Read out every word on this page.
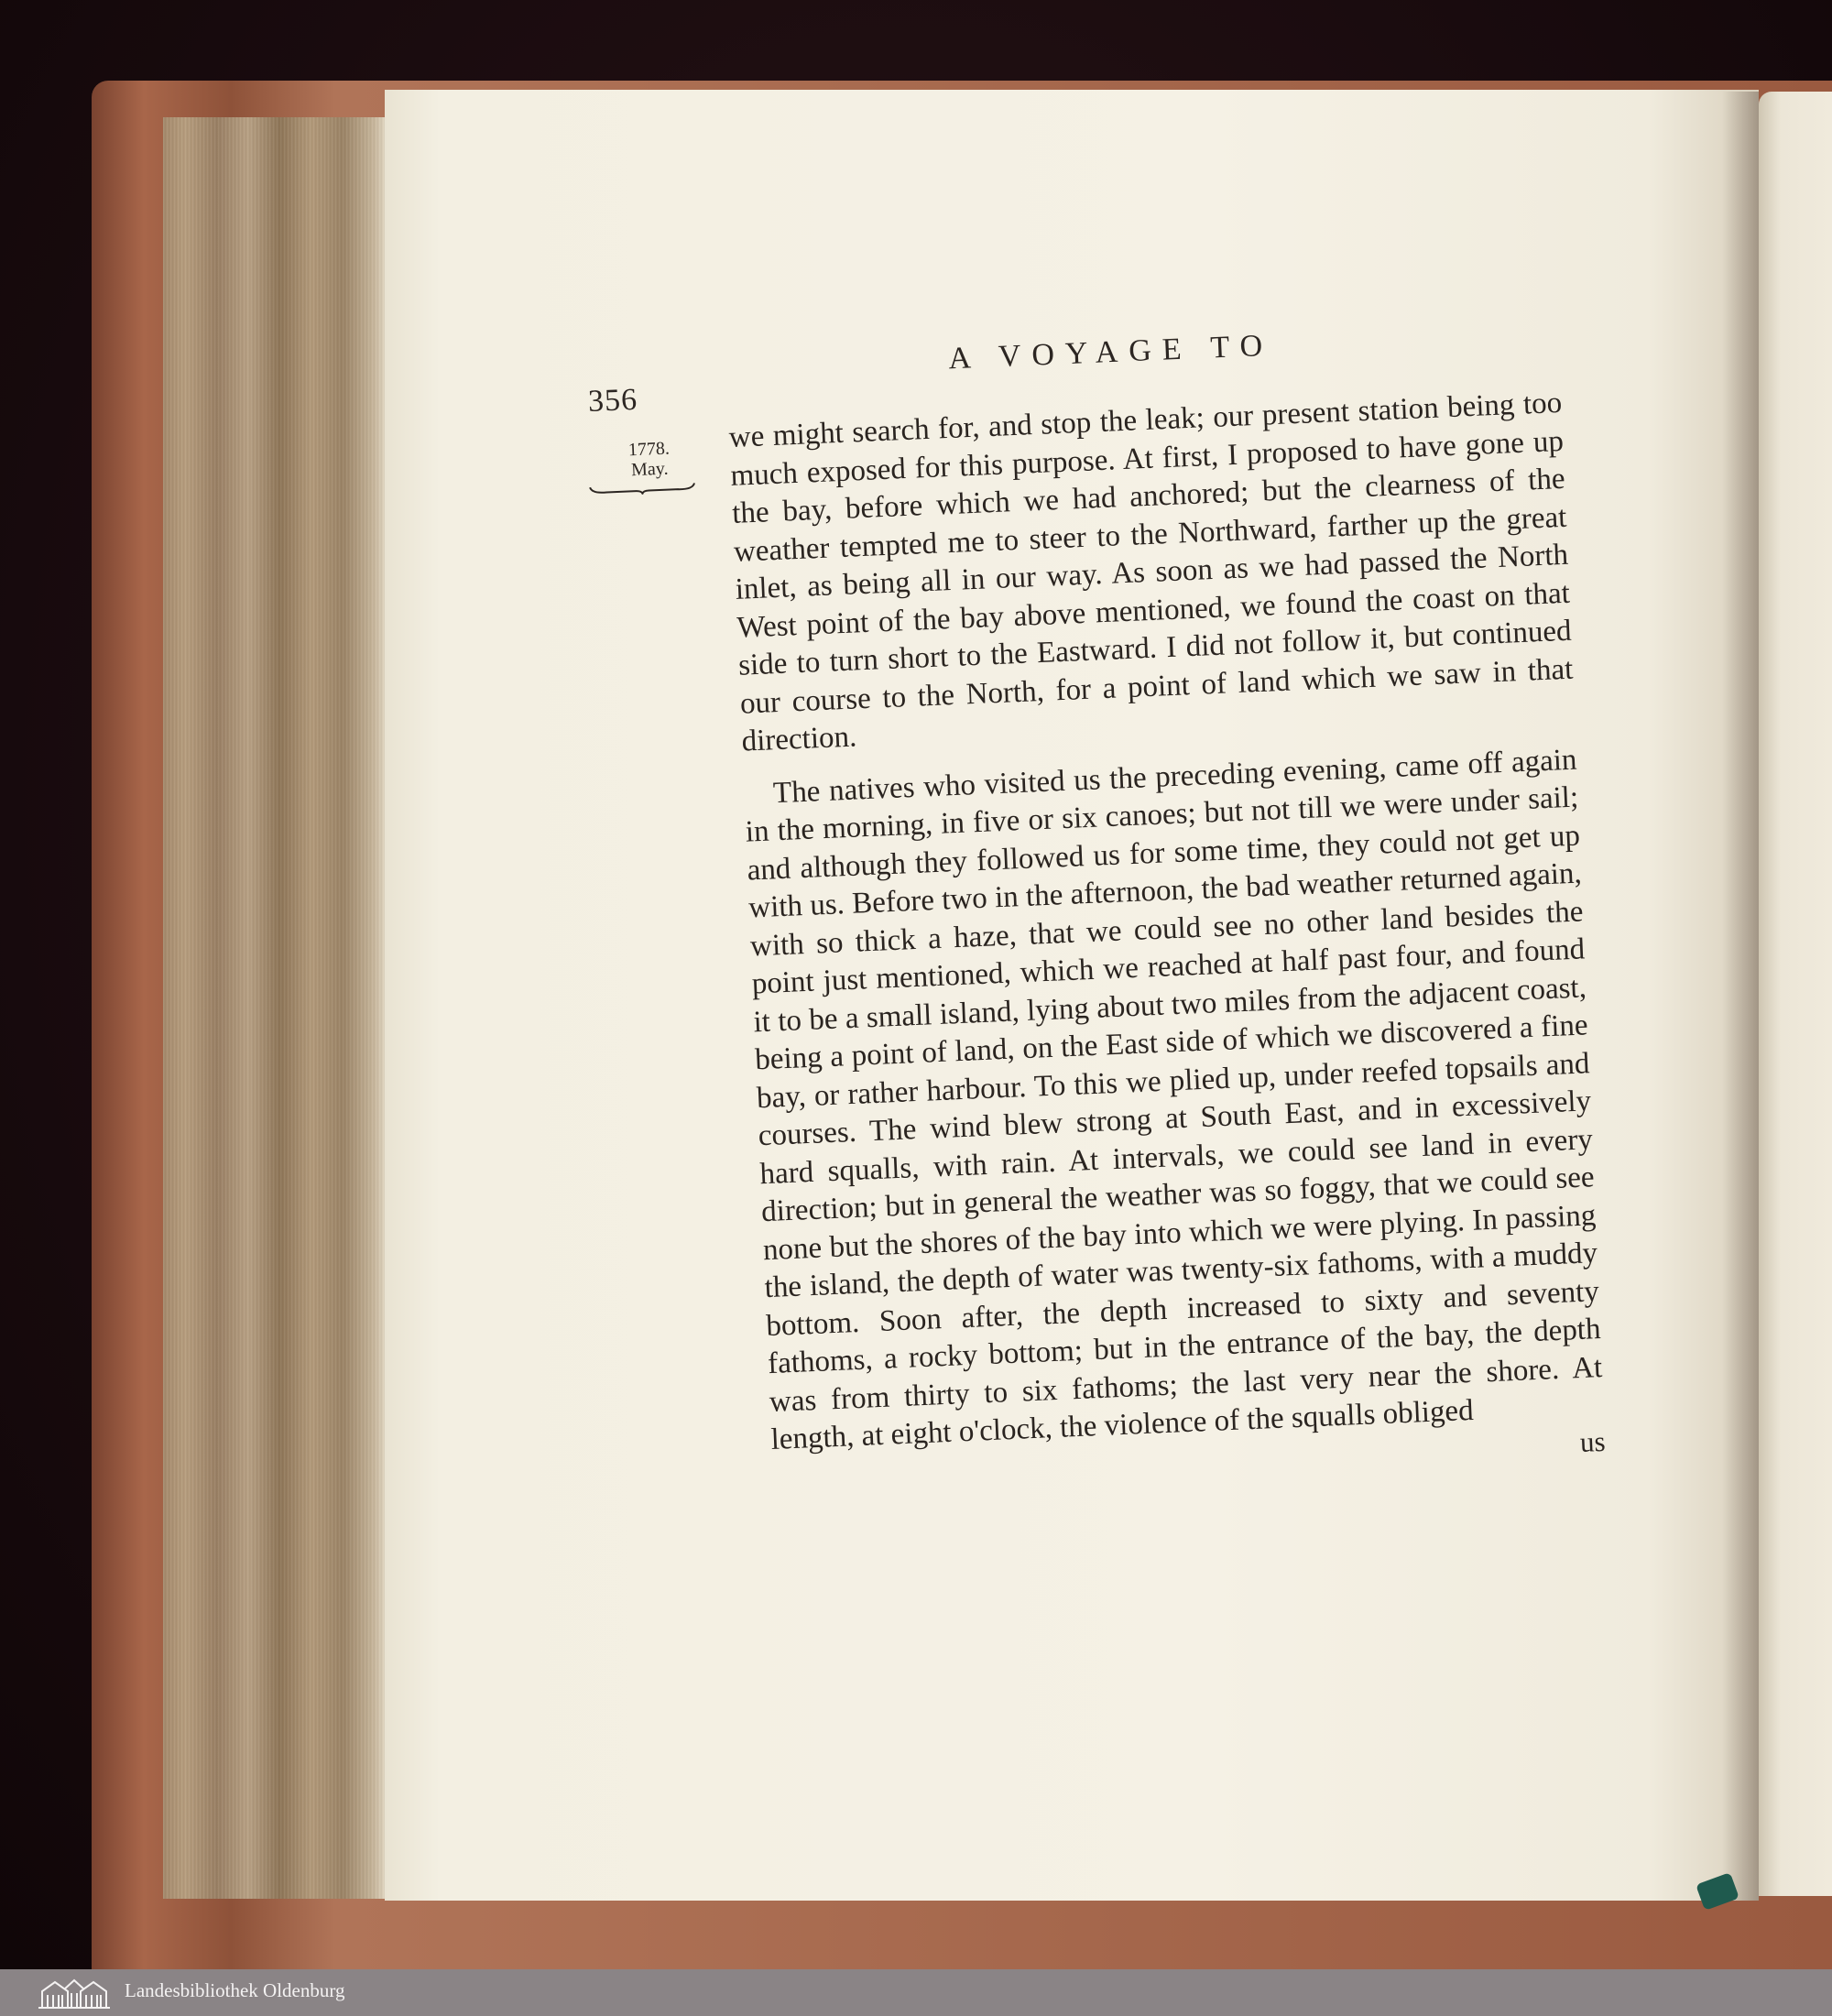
356
A VOYAGE TO
1778.
May.

we might search for, and stop the leak; our present station being too much exposed for this purpose. At first, I proposed to have gone up the bay, before which we had anchored; but the clearness of the weather tempted me to steer to the Northward, farther up the great inlet, as being all in our way. As soon as we had passed the North West point of the bay above mentioned, we found the coast on that side to turn short to the Eastward. I did not follow it, but continued our course to the North, for a point of land which we saw in that direction.

The natives who visited us the preceding evening, came off again in the morning, in five or six canoes; but not till we were under sail; and although they followed us for some time, they could not get up with us. Before two in the afternoon, the bad weather returned again, with so thick a haze, that we could see no other land besides the point just mentioned, which we reached at half past four, and found it to be a small island, lying about two miles from the adjacent coast, being a point of land, on the East side of which we discovered a fine bay, or rather harbour. To this we plied up, under reefed topsails and courses. The wind blew strong at South East, and in excessively hard squalls, with rain. At intervals, we could see land in every direction; but in general the weather was so foggy, that we could see none but the shores of the bay into which we were plying. In passing the island, the depth of water was twenty-six fathoms, with a muddy bottom. Soon after, the depth increased to sixty and seventy fathoms, a rocky bottom; but in the entrance of the bay, the depth was from thirty to six fathoms; the last very near the shore. At length, at eight o'clock, the violence of the squalls obliged	us
Landesbibliothek Oldenburg
